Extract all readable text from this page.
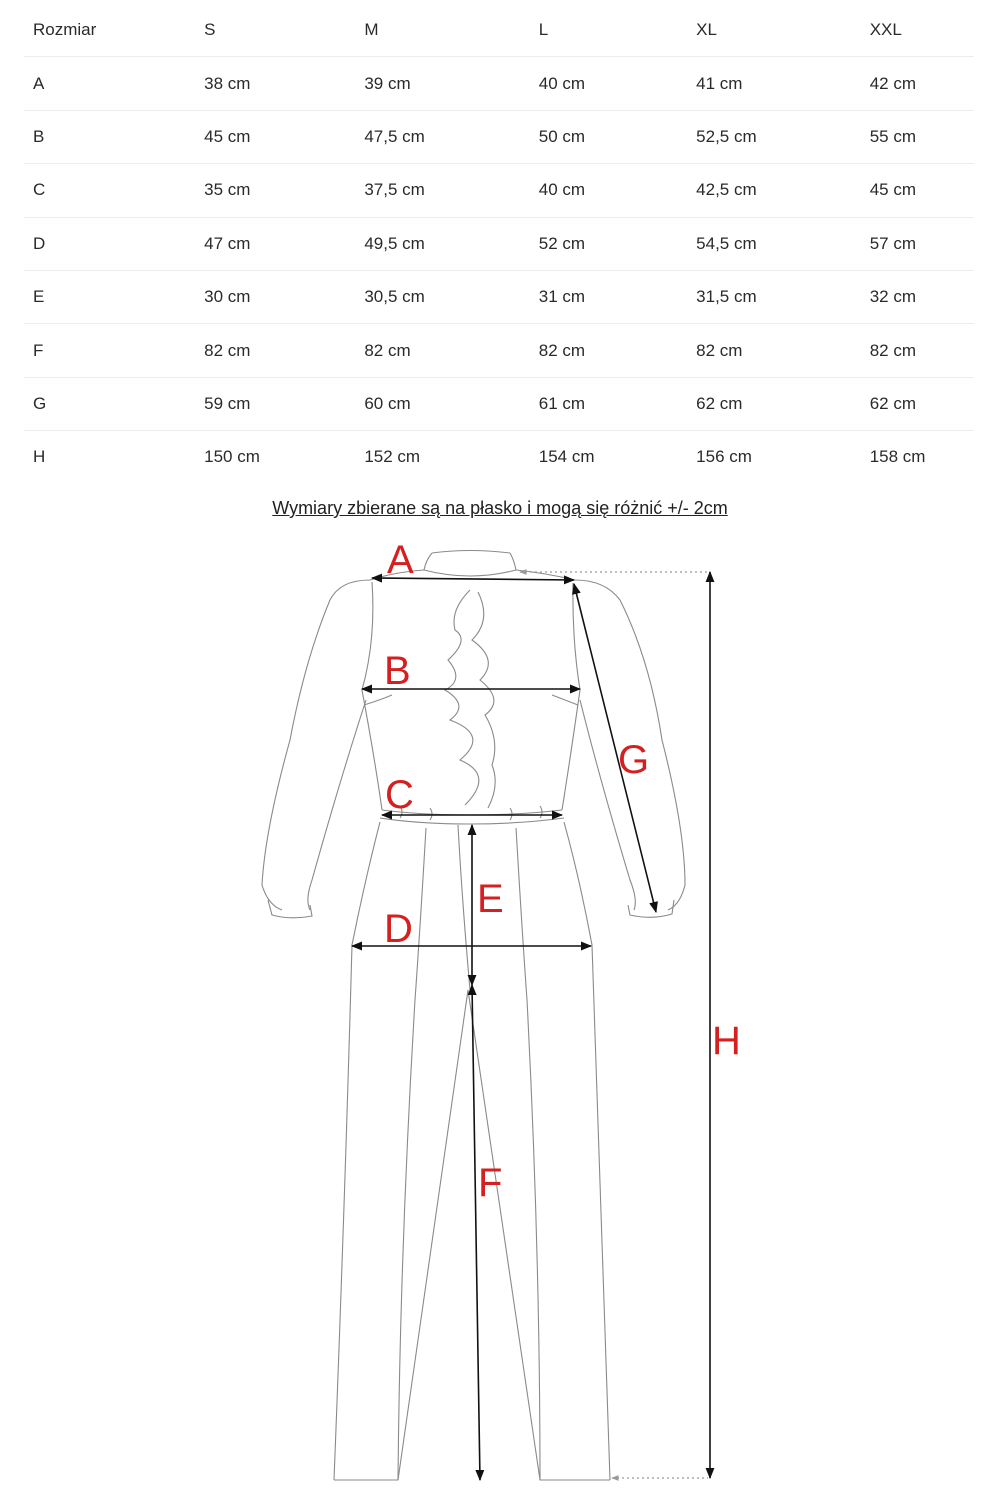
Rozmiar	S	M	L	XL	XXL
A	38 cm	39 cm	40 cm	41 cm	42 cm
B	45 cm	47,5 cm	50 cm	52,5 cm	55 cm
C	35 cm	37,5 cm	40 cm	42,5 cm	45 cm
D	47 cm	49,5 cm	52 cm	54,5 cm	57 cm
E	30 cm	30,5 cm	31 cm	31,5 cm	32 cm
F	82 cm	82 cm	82 cm	82 cm	82 cm
G	59 cm	60 cm	61 cm	62 cm	62 cm
H	150 cm	152 cm	154 cm	156 cm	158 cm
Wymiary zbierane są na płasko i mogą się różnić +/- 2cm
A
B
C
D
E
F
G
H
